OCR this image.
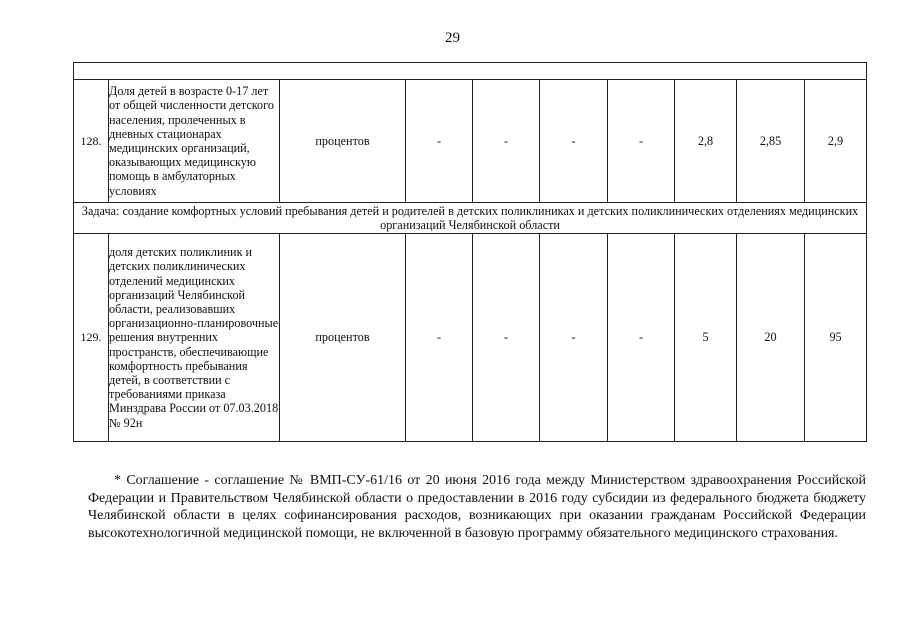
29

128.	Доля детей в возрасте 0-17 лет от общей численности детского населения, пролеченных в дневных стационарах медицинских организаций, оказывающих медицинскую помощь в амбулаторных условиях	процентов	-	-	-	-	2,8	2,85	2,9
Задача: создание комфортных условий пребывания детей и родителей в детских поликлиниках и детских поликлинических отделениях медицинских организаций Челябинской области									
129.	доля детских поликлиник и детских поликлинических отделений медицинских организаций Челябинской области, реализовавших организационно-планировочные решения внутренних пространств, обеспечивающие комфортность пребывания детей, в соответствии с требованиями приказа Минздрава России от 07.03.2018 № 92н	процентов	-	-	-	-	5	20	95

* Соглашение - соглашение № ВМП-СУ-61/16 от 20 июня 2016 года между Министерством здравоохранения Российской Федерации и Правительством Челябинской области о предоставлении в 2016 году субсидии из федерального бюджета бюджету Челябинской области в целях софинансирования расходов, возникающих при оказании гражданам Российской Федерации высокотехнологичной медицинской помощи, не включенной в базовую программу обязательного медицинского страхования.
